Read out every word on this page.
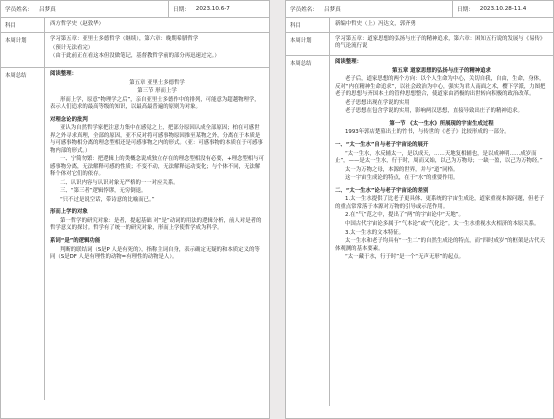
学员姓名： 吕梦真	日期： 2023.10.6-7
科目	西方哲学史（赵敦华）
本周计划	学习第五章：亚里士多德哲学（继续），第六章：晚期希腊哲学

（预计无法看完）

（由于此前正在看这本但没做笔记，基督教哲学前的部分再迅速过完。）

本周总结	阅读整理：

第五章 亚里士多德哲学

第三节 形而上学

形而上学，原意“物理学之后”，亲自亚里士多德作中的排列，可能意为超越物理学，表示人们追求的最高等级的知识，以最高最普遍的原则为对象。

对理念论的批判

亚认为自然哲学家把注意力集中在感觉之上，把部分原因认成全部原因；柏在可感世界之外寻求真理，全部的原因，亚不反对将可感事物原因推至某物之外，分离在于本质是与可感事物相分离的理念型相还是可感事物之内的形式。（亚：可感事物的本质在于可感事物内部的形式。）

一、宁简勿繁：把逻辑上的类概念说成独立存在的理念型相没有必要，+理念型相与可感事物分离，无法解释可感的性质；不变不动，无法解释运动变化；与个体不同，无法解释个体对它们的依存。

二、认识内容与认识对象无严格的一一对应关系。

三、“第三者”逻辑悖谬，无穷倒退。

“只不过是说空话，带诗意的比喻而已。”

形而上学的对象

第一哲学的研究对象：是者，提起基础 对“是”动词的用法的逻辑分析，前人对是者的哲学意义的探讨。哲学有了统一的研究对象，形而上学使哲学成为科学。

系词“是”的逻辑功能

判断的联结词（S是P 人是有死的），指称主词自身，表示确定无疑的和本质定义的等同（S是DF 人是有理性的动物=有理性的动物是人）。

学员姓名： 吕梦真	日期： 2023.10.28-11.4
科目	新编中哲史（上）冯达文，郭齐勇
本周计划	学习第五章：道家思想的弘扬与庄子的精神追求，第六章：困知五行说的发展与《易传》的气论流行说

本周总结	阅读整理：

第五章 道家思想的弘扬与庄子的精神追求

老子后，道家思想的两个方向：以个人生命为中心，关切自我，自由，生命，身体，反对“内在精神生命追求”，以社会政治为中心，强实为君人南面之术，樱下学派，力图把老子的思想与齐国本土的管仲思想整合，使道家由消极的出世转向积极的政治改革。

老子思想出现在学说的实用

老子思想在包含学说的实用，影响两汉思想，直接导致出庄子的精神追求。

第一节 《太一生水》所展现的宇宙生成过程

1993年郭店楚墓出土的竹书，与传世的《老子》比较形成的一部分。

一、“太一生水”自与老子宇宙论的展开

“太一生水，水反辅太一，是以成天，……天地复相辅也，是以成神明……成岁而止”，——是太一生水，行于时，周而又始，以己为万物母；一缺一盈，以己为万物经。”

太一为万物之母，本源的世界，并与“道”同格。

这一宇宙生成论的特点，在于“水”的重要作用。

二、“太一生水”论与老子宇宙论的差别

1.太一生水提供了比老子更具体、更系统的宇宙生成论，道家重视本源问题，但老子的重点常常落于本源对万物的引导或示范作用。

2.在“气”范之中，提出了“两”的宇宙论中“天地”。

中国古代宇宙论多属于“气本论”或“气化论”。太一生水重视水火相济的本原关系。

3.太一生水的文本特征。

太一生水和老子均具有“一生二”的自然生成论的特点，而“四时成岁”的框架是古代天体观测的基本要素。

“太一藏于水，行于时”是一个“无声无形”的起点。
